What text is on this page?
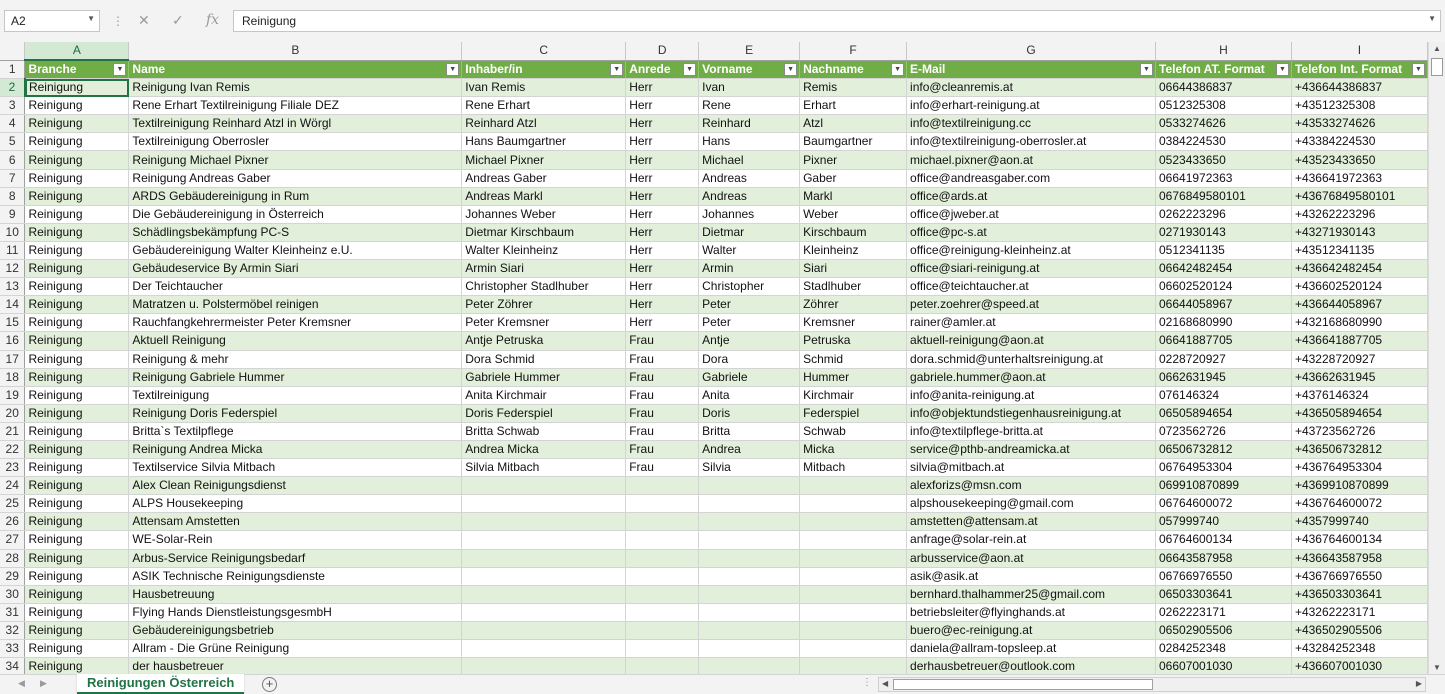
A2	▼ ⋮ ✕ ✓ fx	Reinigung	▼
	A	B	C	D	E	F	G	H	I
1	Branche ▼	Name ▼	Inhaber/in ▼	Anrede ▼	Vorname ▼	Nachname ▼	E-Mail ▼	Telefon AT. Format ▼	Telefon Int. Format ▼

2	Reinigung	Reinigung Ivan Remis	Ivan Remis	Herr	Ivan	Remis	info@cleanremis.at	06644386837	+436644386837
3	Reinigung	Rene Erhart Textilreinigung Filiale DEZ	Rene Erhart	Herr	Rene	Erhart	info@erhart-reinigung.at	0512325308	+43512325308
4	Reinigung	Textilreinigung Reinhard Atzl in Wörgl	Reinhard Atzl	Herr	Reinhard	Atzl	info@textilreinigung.cc	0533274626	+43533274626
5	Reinigung	Textilreinigung Oberrosler	Hans Baumgartner	Herr	Hans	Baumgartner	info@textilreinigung-oberrosler.at	0384224530	+43384224530
6	Reinigung	Reinigung Michael Pixner	Michael Pixner	Herr	Michael	Pixner	michael.pixner@aon.at	0523433650	+43523433650
7	Reinigung	Reinigung Andreas Gaber	Andreas Gaber	Herr	Andreas	Gaber	office@andreasgaber.com	06641972363	+436641972363
8	Reinigung	ARDS Gebäudereinigung in Rum	Andreas Markl	Herr	Andreas	Markl	office@ards.at	0676849580101	+43676849580101
9	Reinigung	Die Gebäudereinigung in Österreich	Johannes Weber	Herr	Johannes	Weber	office@jweber.at	0262223296	+43262223296
10	Reinigung	Schädlingsbekämpfung PC-S	Dietmar Kirschbaum	Herr	Dietmar	Kirschbaum	office@pc-s.at	0271930143	+43271930143
11	Reinigung	Gebäudereinigung Walter Kleinheinz e.U.	Walter Kleinheinz	Herr	Walter	Kleinheinz	office@reinigung-kleinheinz.at	0512341135	+43512341135
12	Reinigung	Gebäudeservice By Armin Siari	Armin Siari	Herr	Armin	Siari	office@siari-reinigung.at	06642482454	+436642482454
13	Reinigung	Der Teichtaucher	Christopher Stadlhuber	Herr	Christopher	Stadlhuber	office@teichtaucher.at	06602520124	+436602520124
14	Reinigung	Matratzen u. Polstermöbel reinigen	Peter Zöhrer	Herr	Peter	Zöhrer	peter.zoehrer@speed.at	06644058967	+436644058967
15	Reinigung	Rauchfangkehrermeister Peter Kremsner	Peter Kremsner	Herr	Peter	Kremsner	rainer@amler.at	02168680990	+432168680990
16	Reinigung	Aktuell Reinigung	Antje Petruska	Frau	Antje	Petruska	aktuell-reinigung@aon.at	06641887705	+436641887705
17	Reinigung	Reinigung & mehr	Dora Schmid	Frau	Dora	Schmid	dora.schmid@unterhaltsreinigung.at	0228720927	+43228720927
18	Reinigung	Reinigung Gabriele Hummer	Gabriele Hummer	Frau	Gabriele	Hummer	gabriele.hummer@aon.at	0662631945	+43662631945
19	Reinigung	Textilreinigung	Anita Kirchmair	Frau	Anita	Kirchmair	info@anita-reinigung.at	076146324	+4376146324
20	Reinigung	Reinigung Doris Federspiel	Doris Federspiel	Frau	Doris	Federspiel	info@objektundstiegenhausreinigung.at	06505894654	+436505894654
21	Reinigung	Britta`s Textilpflege	Britta Schwab	Frau	Britta	Schwab	info@textilpflege-britta.at	0723562726	+43723562726
22	Reinigung	Reinigung Andrea Micka	Andrea Micka	Frau	Andrea	Micka	service@pthb-andreamicka.at	06506732812	+436506732812
23	Reinigung	Textilservice Silvia Mitbach	Silvia Mitbach	Frau	Silvia	Mitbach	silvia@mitbach.at	06764953304	+436764953304
24	Reinigung	Alex Clean Reinigungsdienst					alexforizs@msn.com	069910870899	+4369910870899
25	Reinigung	ALPS Housekeeping					alpshousekeeping@gmail.com	06764600072	+436764600072
26	Reinigung	Attensam Amstetten					amstetten@attensam.at	057999740	+4357999740
27	Reinigung	WE-Solar-Rein					anfrage@solar-rein.at	06764600134	+436764600134
28	Reinigung	Arbus-Service Reinigungsbedarf					arbusservice@aon.at	06643587958	+436643587958
29	Reinigung	ASIK Technische Reinigungsdienste					asik@asik.at	06766976550	+436766976550
30	Reinigung	Hausbetreuung					bernhard.thalhammer25@gmail.com	06503303641	+436503303641
31	Reinigung	Flying Hands DienstleistungsgesmbH					betriebsleiter@flyinghands.at	0262223171	+43262223171
32	Reinigung	Gebäudereinigungsbetrieb					buero@ec-reinigung.at	06502905506	+436502905506
33	Reinigung	Allram - Die Grüne Reinigung					daniela@allram-topsleep.at	0284252348	+43284252348
34	Reinigung	der hausbetreuer					derhausbetreuer@outlook.com	06607001030	+436607001030
▲
▼
◀ ▶	Reinigungen Österreich	+	⋮ ◀	▶
